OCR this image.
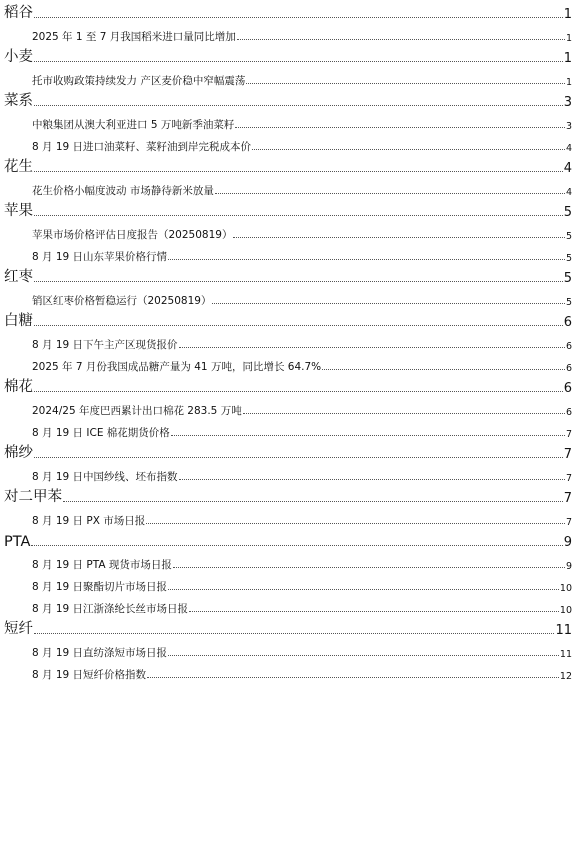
稻谷	1
2025 年 1 至 7 月我国稻米进口量同比增加	1
小麦	1
托市收购政策持续发力 产区麦价稳中窄幅震荡	1
菜系	3
中粮集团从澳大利亚进口 5 万吨新季油菜籽	3
8 月 19 日进口油菜籽、菜籽油到岸完税成本价	4
花生	4
花生价格小幅度波动 市场静待新米放量	4
苹果	5
苹果市场价格评估日度报告（20250819）	5
8 月 19 日山东苹果价格行情	5
红枣	5
销区红枣价格暂稳运行（20250819）	5
白糖	6
8 月 19 日下午主产区现货报价	6
2025 年 7 月份我国成品糖产量为 41 万吨，同比增长 64.7%	6
棉花	6
2024/25 年度巴西累计出口棉花 283.5 万吨	6
8 月 19 日 ICE 棉花期货价格	7
棉纱	7
8 月 19 日中国纱线、坯布指数	7
对二甲苯	7
8 月 19 日 PX 市场日报	7
PTA	9
8 月 19 日 PTA 现货市场日报	9
8 月 19 日聚酯切片市场日报	10
8 月 19 日江浙涤纶长丝市场日报	10
短纤	11
8 月 19 日直纺涤短市场日报	11
8 月 19 日短纤价格指数	12
